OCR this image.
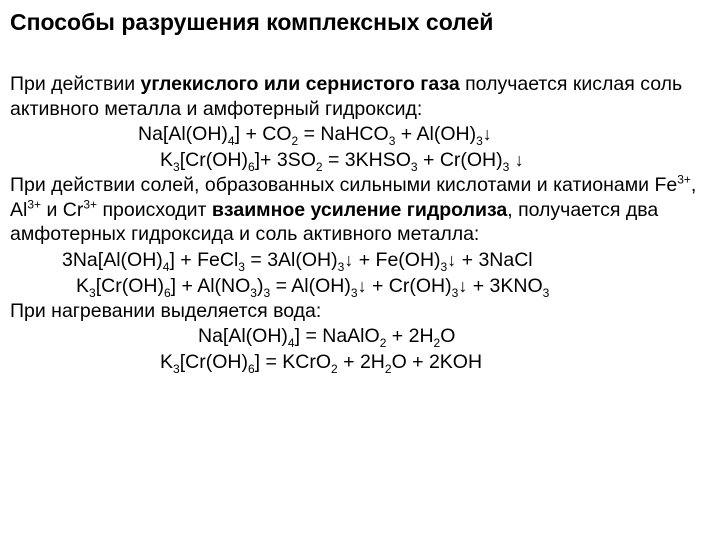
Способы разрушения комплексных солей

При действии углекислого или сернистого газа получается кислая соль активного металла и амфотерный гидроксид:

$Na[Al(OH)_4] + CO_2$ = NaHCO$_3$ + $Al(OH)_3↓$
$K_3[Cr(OH)_6]+ 3SO_2$ = $3KHSO_3 + Cr(OH)_3$ ↓

При действии солей, образованных сильными кислотами и катионами $Fe^{3+}$, $Al^{3+}$ и $Cr^{3+}$ происходит взаимное усиление гидролиза, получается два амфотерных гидроксида и соль активного металла:

$3Na[Al(OH)_4]$ + FeCl$_3$ = $3Al(OH)_3↓$ + $Fe(OH)_3↓$ + 3NaCl
$K_3[Cr(OH)_6] + Al(NO_3)_3$ = $Al(OH)_3↓$ + $Cr(OH)_3↓ + 3KNO_3$

При нагревании выделяется вода:

$Na[Al(OH)_4]$ = NaAlO$_2$ + $2H_2O$
$K_3[Cr(OH)_6]$ = KCrO$_2$ + $2H_2O + 2KOH$
